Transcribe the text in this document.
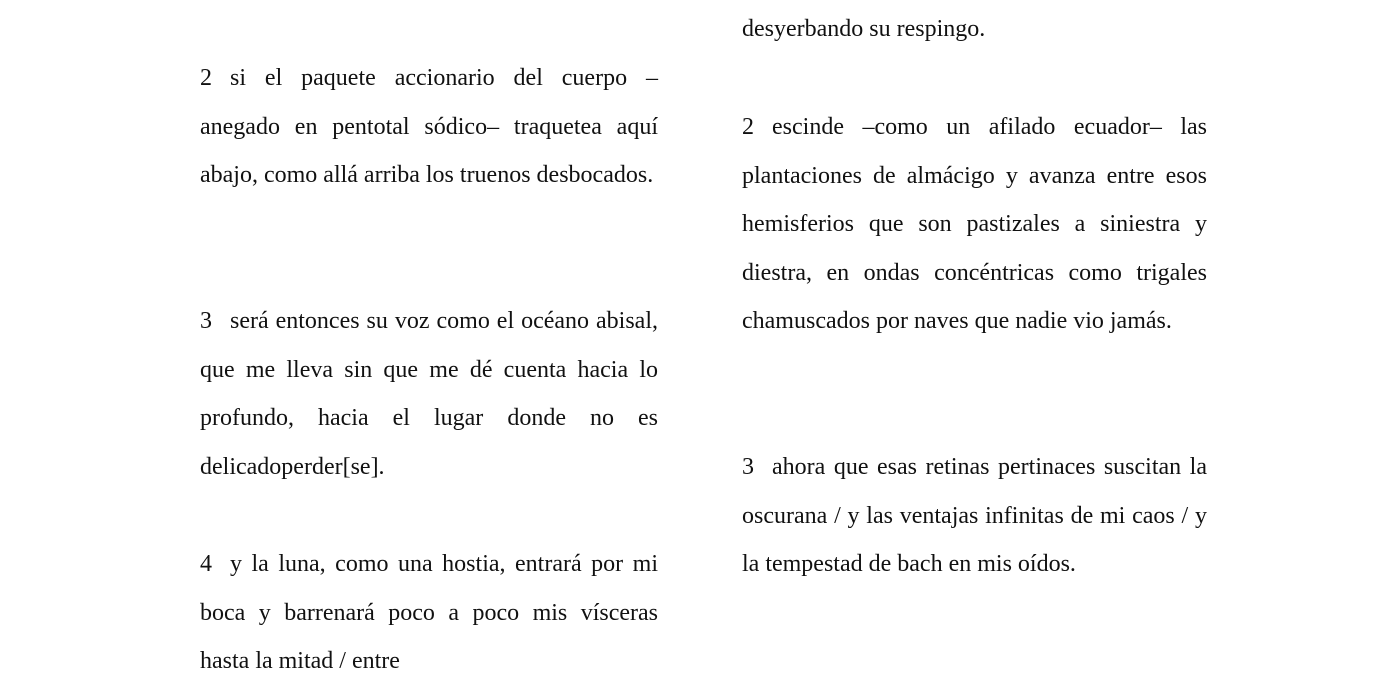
2 si el paquete accionario del cuerpo –anegado en pentotal sódico– traquetea aquí abajo, como allá arriba los truenos desbocados.

3 será entonces su voz como el océano abisal, que me lleva sin que me dé cuenta hacia lo profundo, hacia el lugar donde no es delicadoperder[se].

4 y la luna, como una hostia, entrará por mi boca y barrenará poco a poco mis vísceras hasta la mitad / entre

desyerbando su respingo.

2 escinde –como un afilado ecuador– las plantaciones de almácigo y avanza entre esos hemisferios que son pastizales a siniestra y diestra, en ondas concéntricas como trigales chamuscados por naves que nadie vio jamás.

3 ahora que esas retinas pertinaces suscitan la oscurana / y las ventajas infinitas de mi caos / y la tempestad de bach en mis oídos.
